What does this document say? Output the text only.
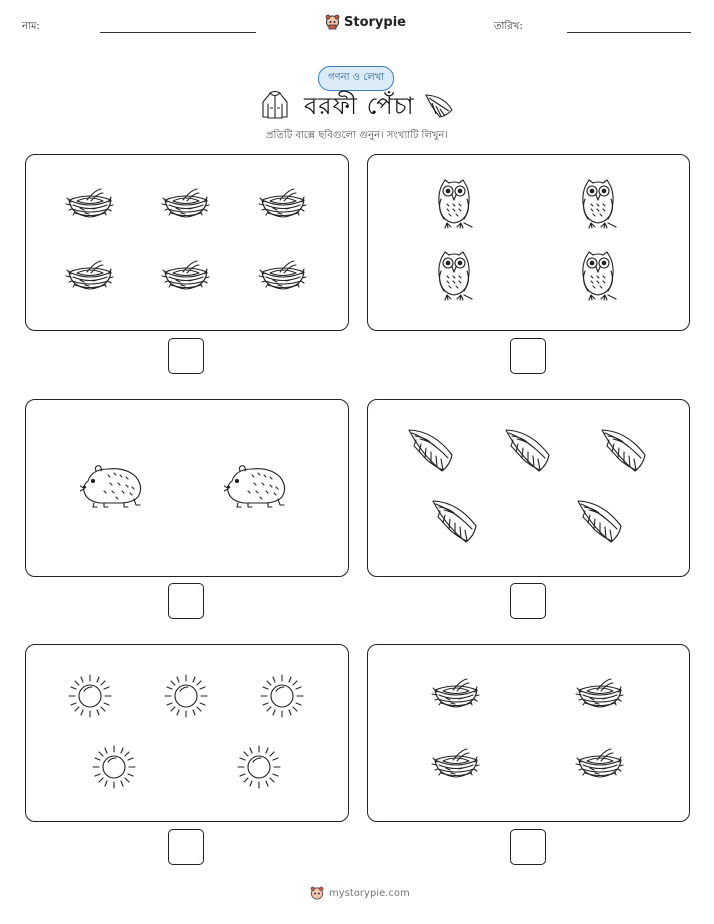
নাম:	Storypie	তারিখ:
গণনা ও লেখা
বরফী পেঁচা
প্রতিটি বাক্সে ছবিগুলো গুনুন। সংখ্যাটি লিখুন।
mystorypie.com
